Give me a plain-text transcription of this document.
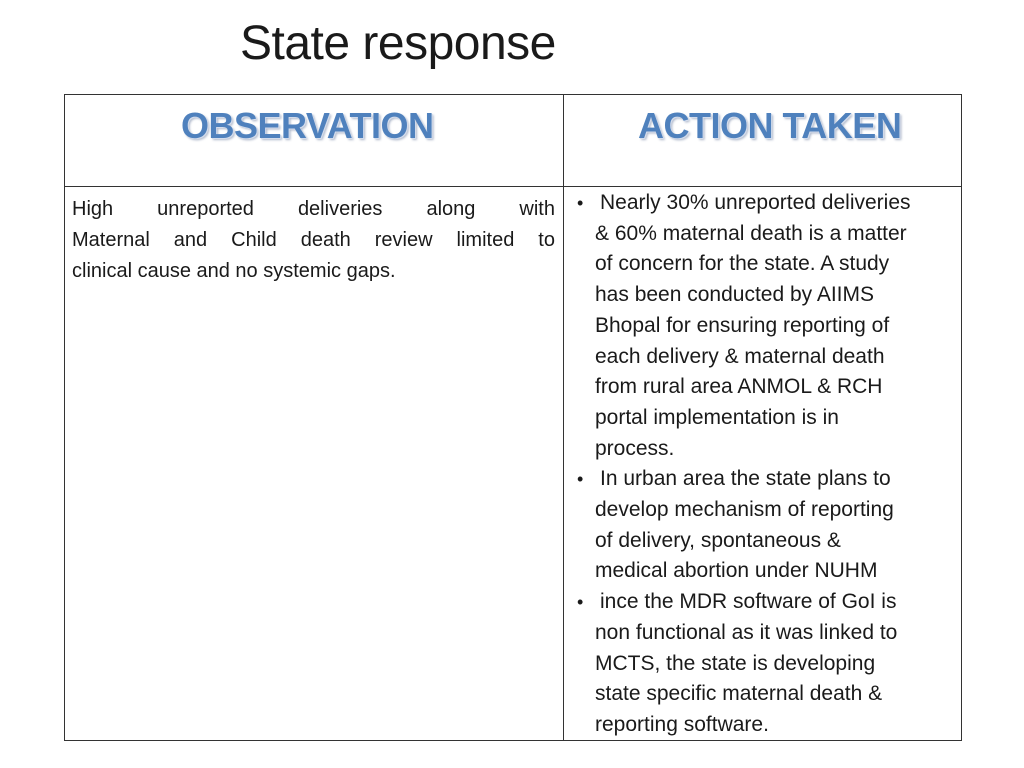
State response
OBSERVATION	ACTION TAKEN
High unreported deliveries along with
Maternal and Child death review limited to
clinical cause and no systemic gaps.
• Nearly 30% unreported deliveries
& 60% maternal death is a matter
of concern for the state. A study
has been conducted by AIIMS
Bhopal for ensuring reporting of
each delivery & maternal death
from rural area ANMOL & RCH
portal implementation is in
process.
• In urban area the state plans to
develop mechanism of reporting
of delivery, spontaneous &
medical abortion under NUHM
• ince the MDR software of GoI is
non functional as it was linked to
MCTS, the state is developing
state specific maternal death &
reporting software.
